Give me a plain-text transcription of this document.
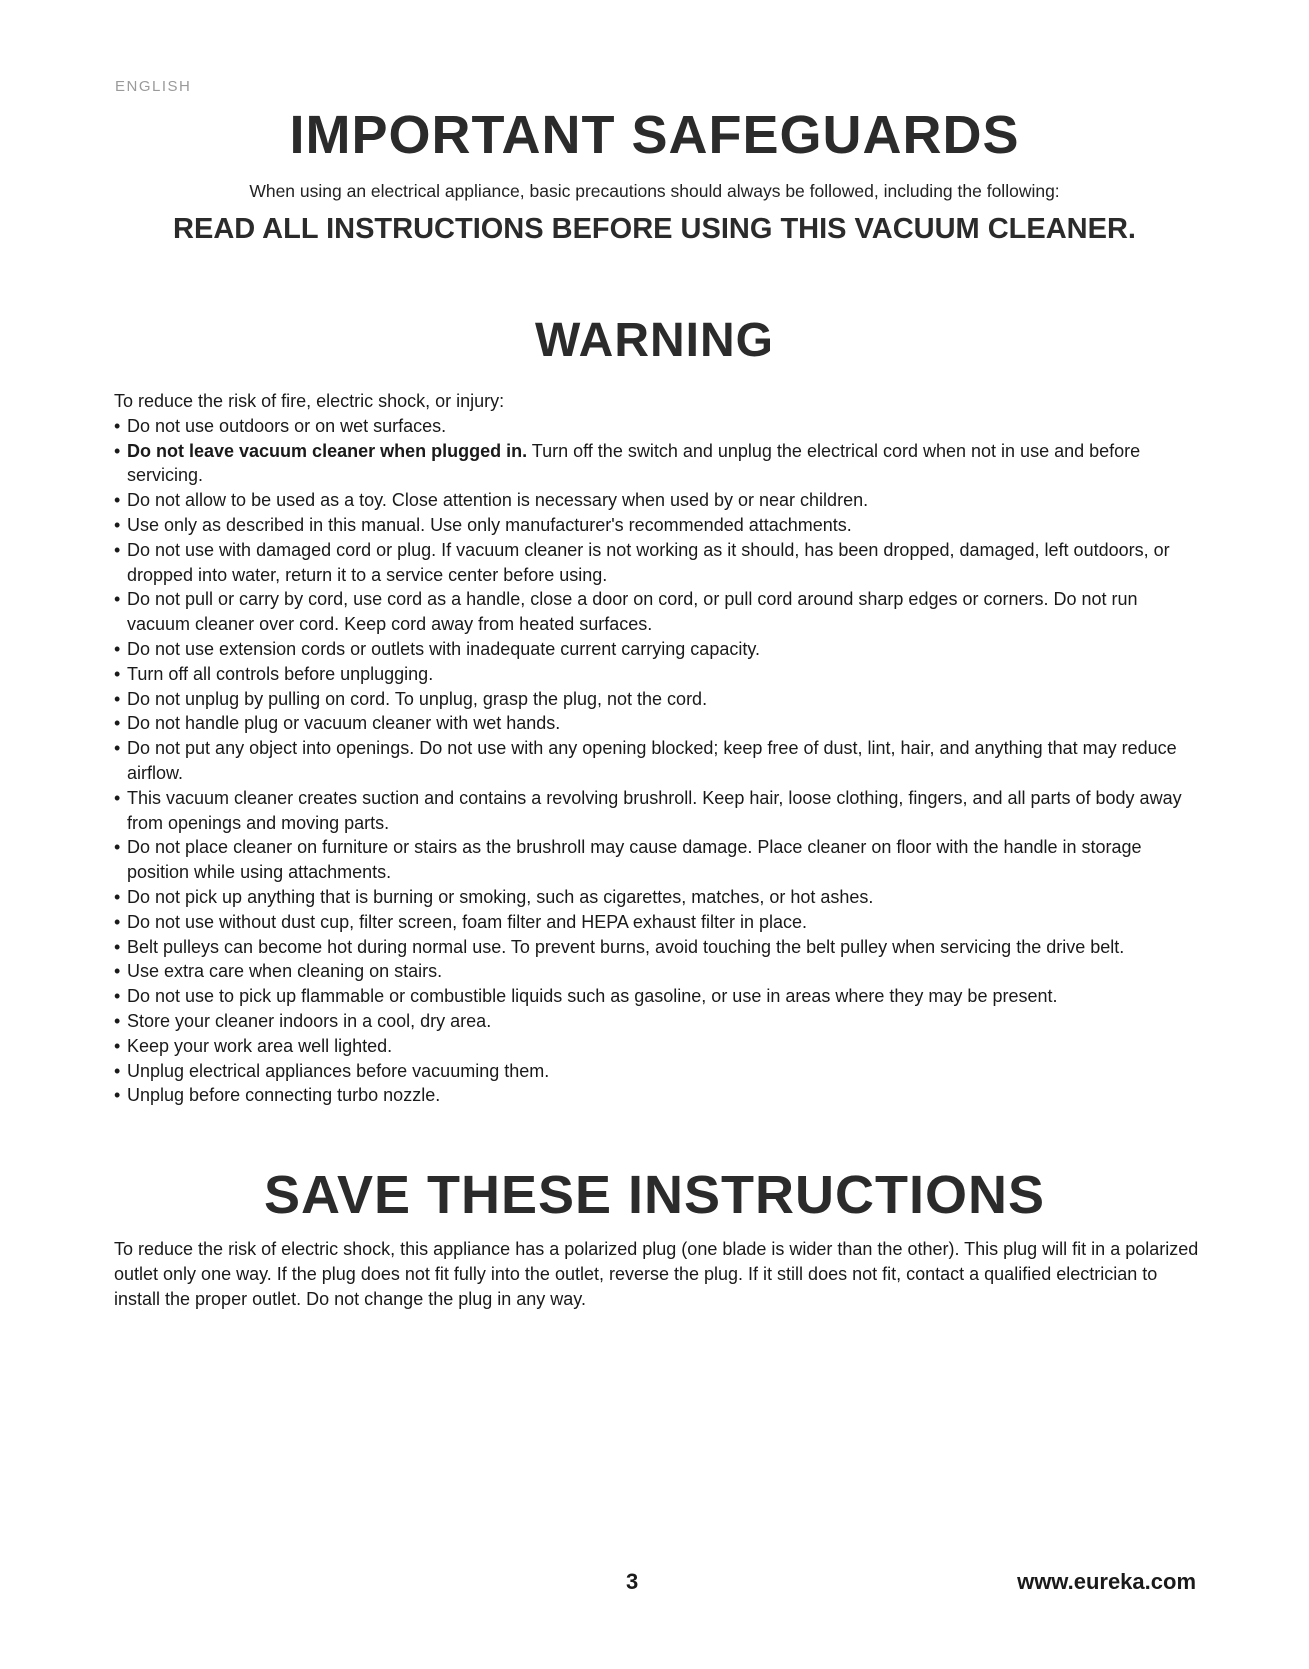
ENGLISH
IMPORTANT SAFEGUARDS
When using an electrical appliance, basic precautions should always be followed, including the following:
READ ALL INSTRUCTIONS BEFORE USING THIS VACUUM CLEANER.
WARNING

To reduce the risk of fire, electric shock, or injury:

• Do not use outdoors or on wet surfaces.
• Do not leave vacuum cleaner when plugged in. Turn off the switch and unplug the electrical cord when not in use and before servicing.
• Do not allow to be used as a toy. Close attention is necessary when used by or near children.
• Use only as described in this manual. Use only manufacturer's recommended attachments.
• Do not use with damaged cord or plug. If vacuum cleaner is not working as it should, has been dropped, damaged, left outdoors, or dropped into water, return it to a service center before using.
• Do not pull or carry by cord, use cord as a handle, close a door on cord, or pull cord around sharp edges or corners. Do not run vacuum cleaner over cord. Keep cord away from heated surfaces.
• Do not use extension cords or outlets with inadequate current carrying capacity.
• Turn off all controls before unplugging.
• Do not unplug by pulling on cord. To unplug, grasp the plug, not the cord.
• Do not handle plug or vacuum cleaner with wet hands.
• Do not put any object into openings. Do not use with any opening blocked; keep free of dust, lint, hair, and anything that may reduce airflow.
• This vacuum cleaner creates suction and contains a revolving brushroll. Keep hair, loose clothing, fingers, and all parts of body away from openings and moving parts.
• Do not place cleaner on furniture or stairs as the brushroll may cause damage. Place cleaner on floor with the handle in storage position while using attachments.
• Do not pick up anything that is burning or smoking, such as cigarettes, matches, or hot ashes.
• Do not use without dust cup, filter screen, foam filter and HEPA exhaust filter in place.
• Belt pulleys can become hot during normal use. To prevent burns, avoid touching the belt pulley when servicing the drive belt.
• Use extra care when cleaning on stairs.
• Do not use to pick up flammable or combustible liquids such as gasoline, or use in areas where they may be present.
• Store your cleaner indoors in a cool, dry area.
• Keep your work area well lighted.
• Unplug electrical appliances before vacuuming them.
• Unplug before connecting turbo nozzle.
SAVE THESE INSTRUCTIONS

To reduce the risk of electric shock, this appliance has a polarized plug (one blade is wider than the other). This plug will fit in a polarized outlet only one way. If the plug does not fit fully into the outlet, reverse the plug. If it still does not fit, contact a qualified electrician to install the proper outlet. Do not change the plug in any way.

3	www.eureka.com
